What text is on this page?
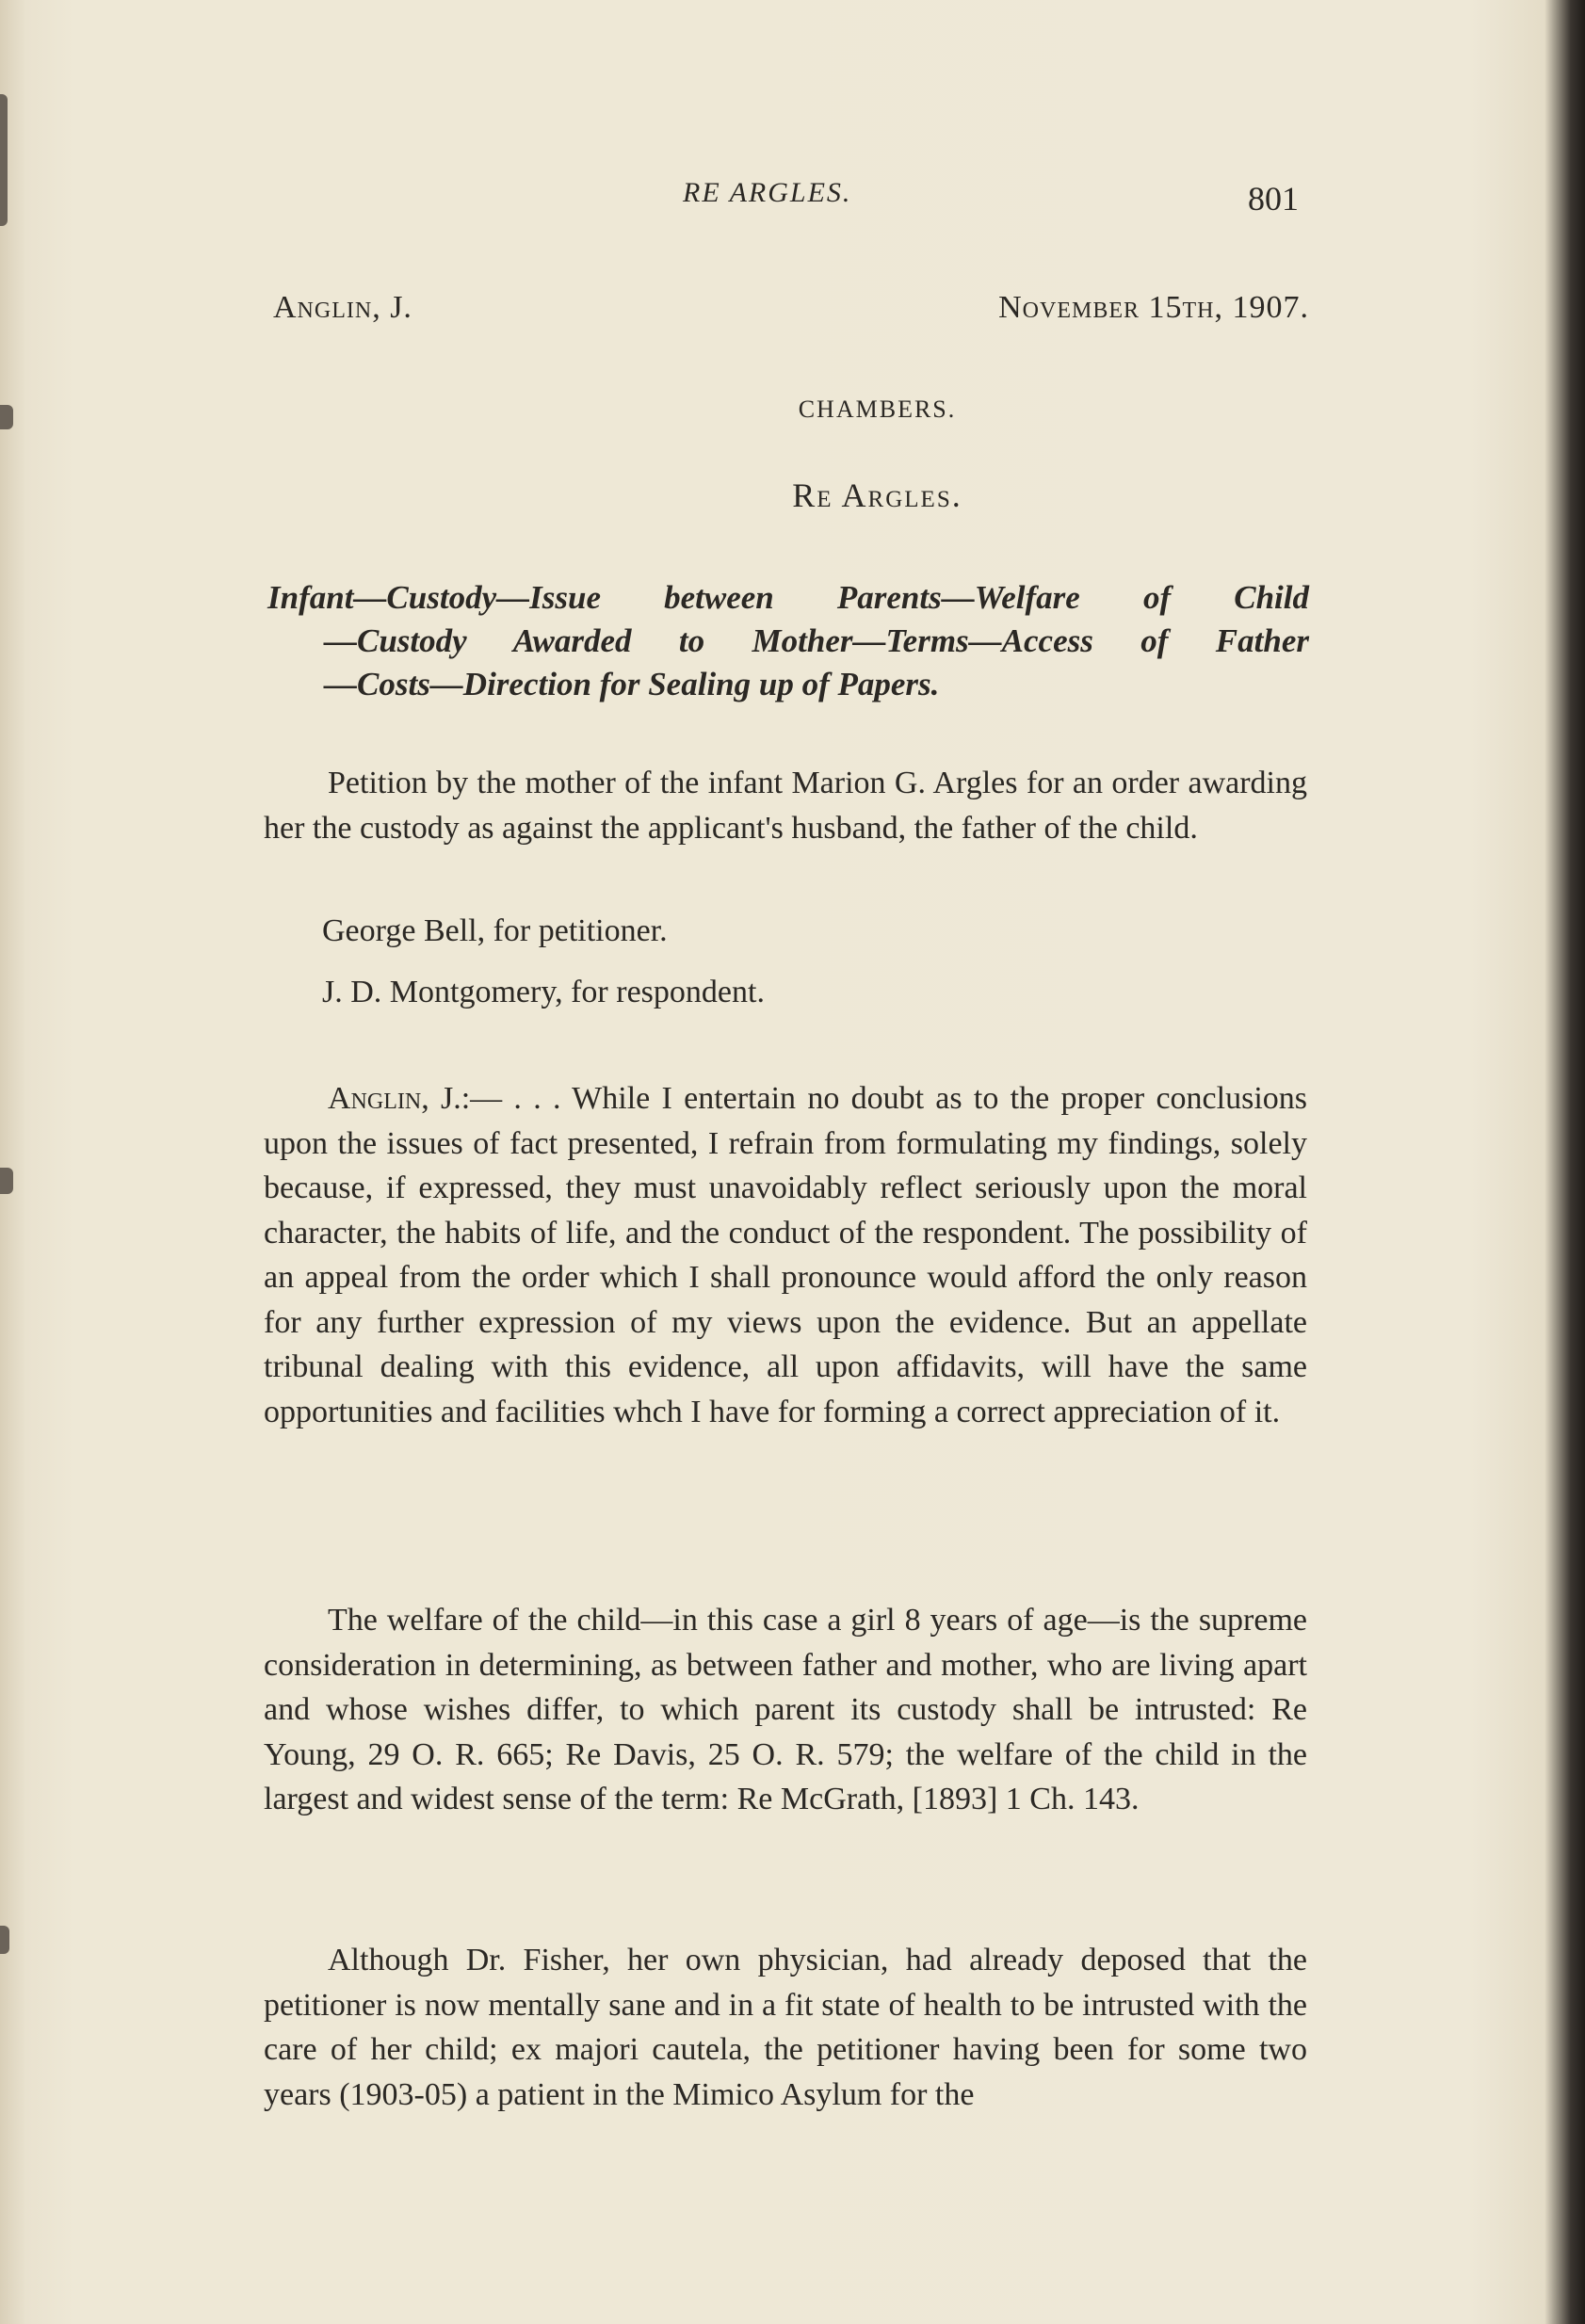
RE ARGLES.	801
Anglin, J.	November 15th, 1907.
CHAMBERS.
Re Argles.
Infant—Custody—Issue between Parents—Welfare of Child
—Custody Awarded to Mother—Terms—Access of Father
—Costs—Direction for Sealing up of Papers.
Petition by the mother of the infant Marion G. Argles for an order awarding her the custody as against the applicant's husband, the father of the child.
George Bell, for petitioner.
J. D. Montgomery, for respondent.
Anglin, J.:— . . . While I entertain no doubt as to the proper conclusions upon the issues of fact presented, I refrain from formulating my findings, solely because, if expressed, they must unavoidably reflect seriously upon the moral character, the habits of life, and the conduct of the respondent. The possibility of an appeal from the order which I shall pronounce would afford the only reason for any further expression of my views upon the evidence. But an appellate tribunal dealing with this evidence, all upon affidavits, will have the same opportunities and facilities whch I have for forming a correct appreciation of it.
The welfare of the child—in this case a girl 8 years of age—is the supreme consideration in determining, as between father and mother, who are living apart and whose wishes differ, to which parent its custody shall be intrusted: Re Young, 29 O. R. 665; Re Davis, 25 O. R. 579; the welfare of the child in the largest and widest sense of the term: Re McGrath, [1893] 1 Ch. 143.
Although Dr. Fisher, her own physician, had already deposed that the petitioner is now mentally sane and in a fit state of health to be intrusted with the care of her child; ex majori cautela, the petitioner having been for some two years (1903-05) a patient in the Mimico Asylum for the
